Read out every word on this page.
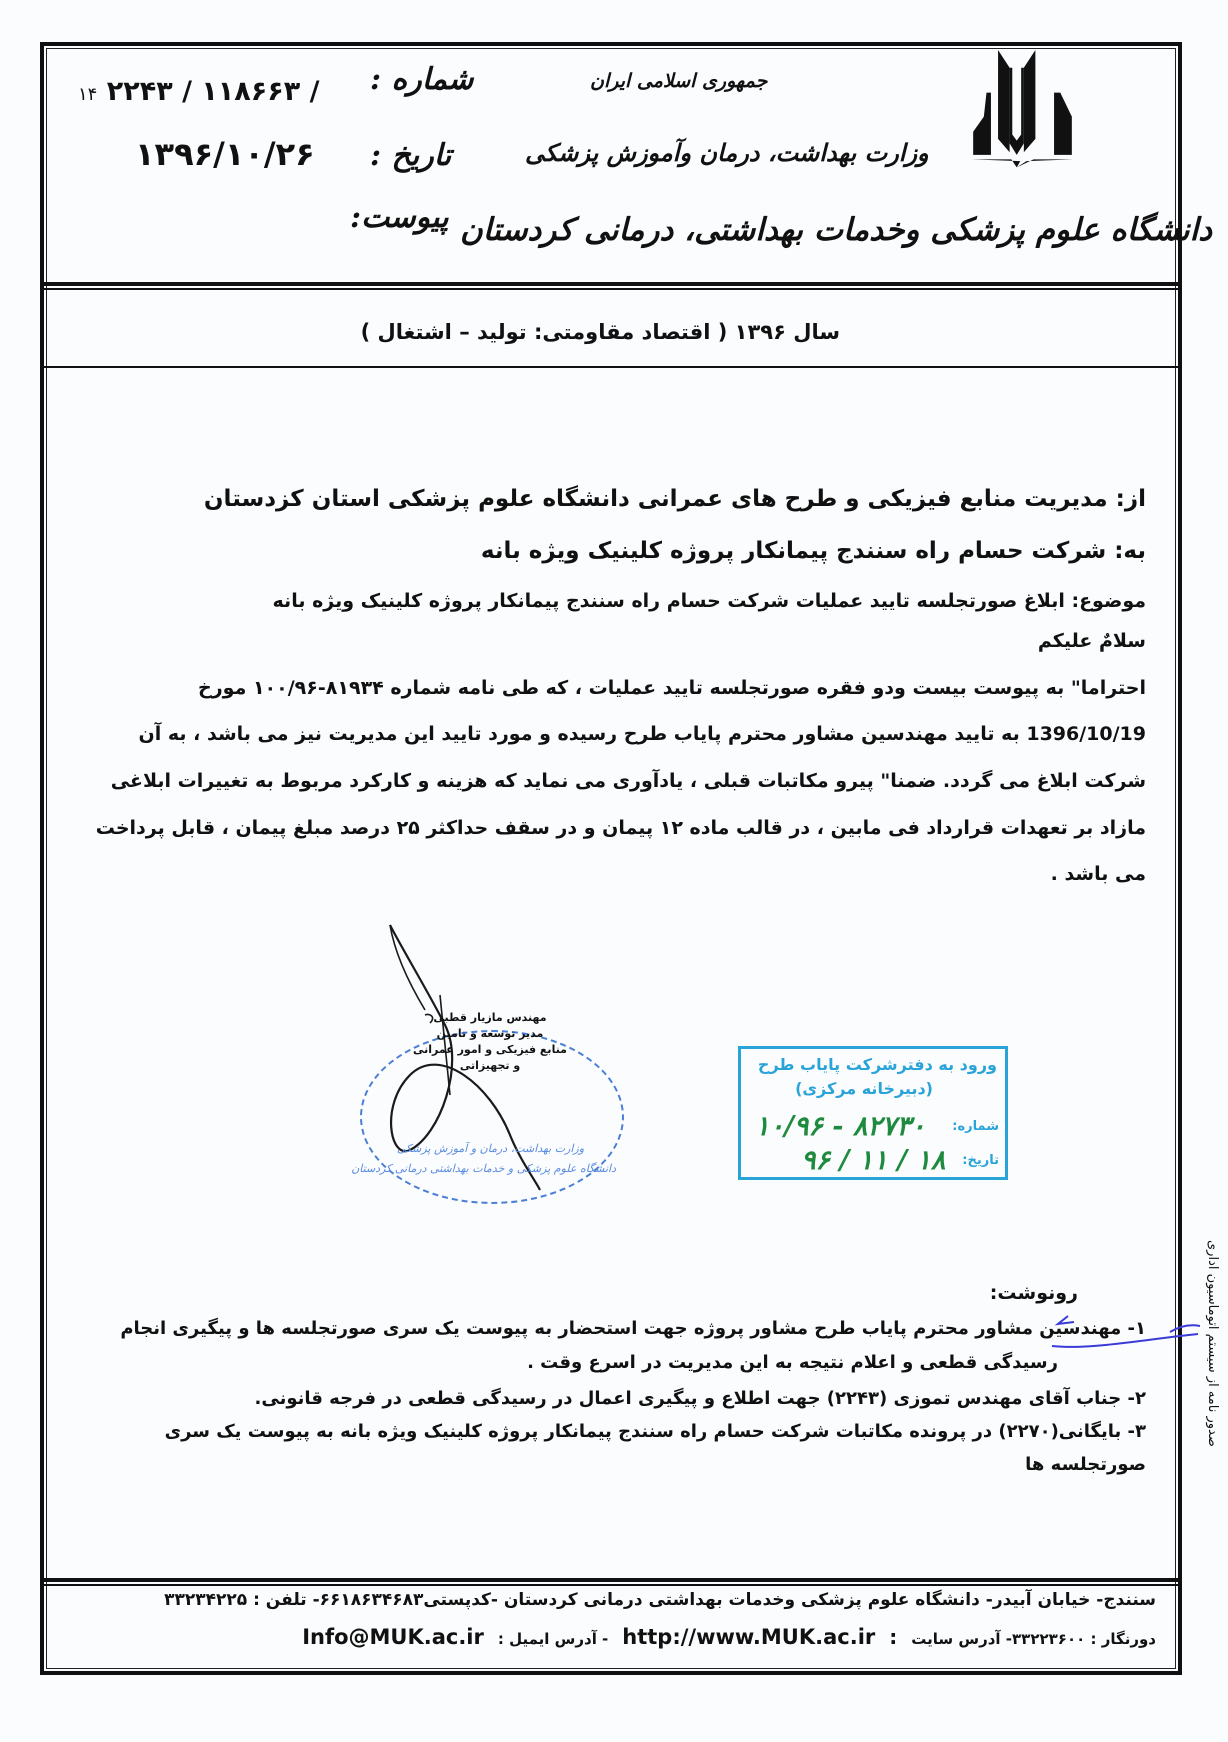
جمهوری اسلامی ایران
وزارت بهداشت، درمان وآموزش پزشکی
دانشگاه علوم پزشکی وخدمات بهداشتی، درمانی کردستان
شماره :
تاریخ :
پیوست:
۱۴ ۲۲۴۳ / ۱۱۸۶۶۳ /
۱۳۹۶/۱۰/۲۶
سال ۱۳۹۶ ( اقتصاد مقاومتی: تولید – اشتغال )
از: مدیریت منابع فیزیکی و طرح های عمرانی دانشگاه علوم پزشکی استان کزدستان
به: شرکت حسام راه سنندج پیمانکار پروژه کلینیک ویژه بانه
موضوع: ابلاغ صورتجلسه تایید عملیات شرکت حسام راه سنندج پیمانکار پروژه کلینیک ویژه بانه
سلامٌ علیکم
احتراما" به پیوست بیست ودو فقره صورتجلسه تایید عملیات ، که طی نامه شماره ۸۱۹۳۴-۱۰۰/۹۶ مورخ
1396/10/19 به تایید مهندسین مشاور محترم پایاب طرح رسیده و مورد تایید این مدیریت نیز می باشد ، به آن
شرکت ابلاغ می گردد. ضمنا" پیرو مکاتبات قبلی ، یادآوری می نماید که هزینه و کارکرد مربوط به تغییرات ابلاغی
مازاد بر تعهدات قرارداد فی مابین ، در قالب ماده ۱۲ پیمان و در سقف حداکثر ۲۵ درصد مبلغ پیمان ، قابل پرداخت
می باشد .
مهندس مازیار قطبی
مدیر توسعه و تامین
منابع فیزیکی و امور عمرانی
و تجهیزاتی
وزارت بهداشت، درمان و آموزش پزشکی
دانشگاه علوم پزشکی و خدمات بهداشتی درمانی کردستان
ورود به دفترشرکت پایاب طرح
(دبیرخانه مرکزی)
شماره:
تاریخ:
۱۰/۹۶ - ۸۲۷۳۰
۹۶ / ۱۱ / ۱۸
صدور نامه از سیستم اتوماسیون اداری
رونوشت:
۱- مهندسین مشاور محترم پایاب طرح مشاور پروژه جهت استحضار به پیوست یک سری صورتجلسه ها و پیگیری انجام
رسیدگی قطعی و اعلام نتیجه به این مدیریت در اسرع وقت .
۲- جناب آقای مهندس تموزی (۲۲۴۳) جهت اطلاع و پیگیری اعمال در رسیدگی قطعی در فرجه قانونی.
۳- بایگانی(۲۲۷۰) در پرونده مکاتبات شرکت حسام راه سنندج پیمانکار پروژه کلینیک ویژه بانه به پیوست یک سری
صورتجلسه ها
سنندج- خیابان آبیدر- دانشگاه علوم پزشکی وخدمات بهداشتی درمانی کردستان -کدپستی۶۶۱۸۶۳۴۶۸۳- تلفن : ۳۳۲۳۴۲۲۵
دورنگار : ۳۳۲۲۳۶۰۰- آدرس سایت
:
http://www.MUK.ac.ir
- آدرس ایمیل :
Info@MUK.ac.ir
